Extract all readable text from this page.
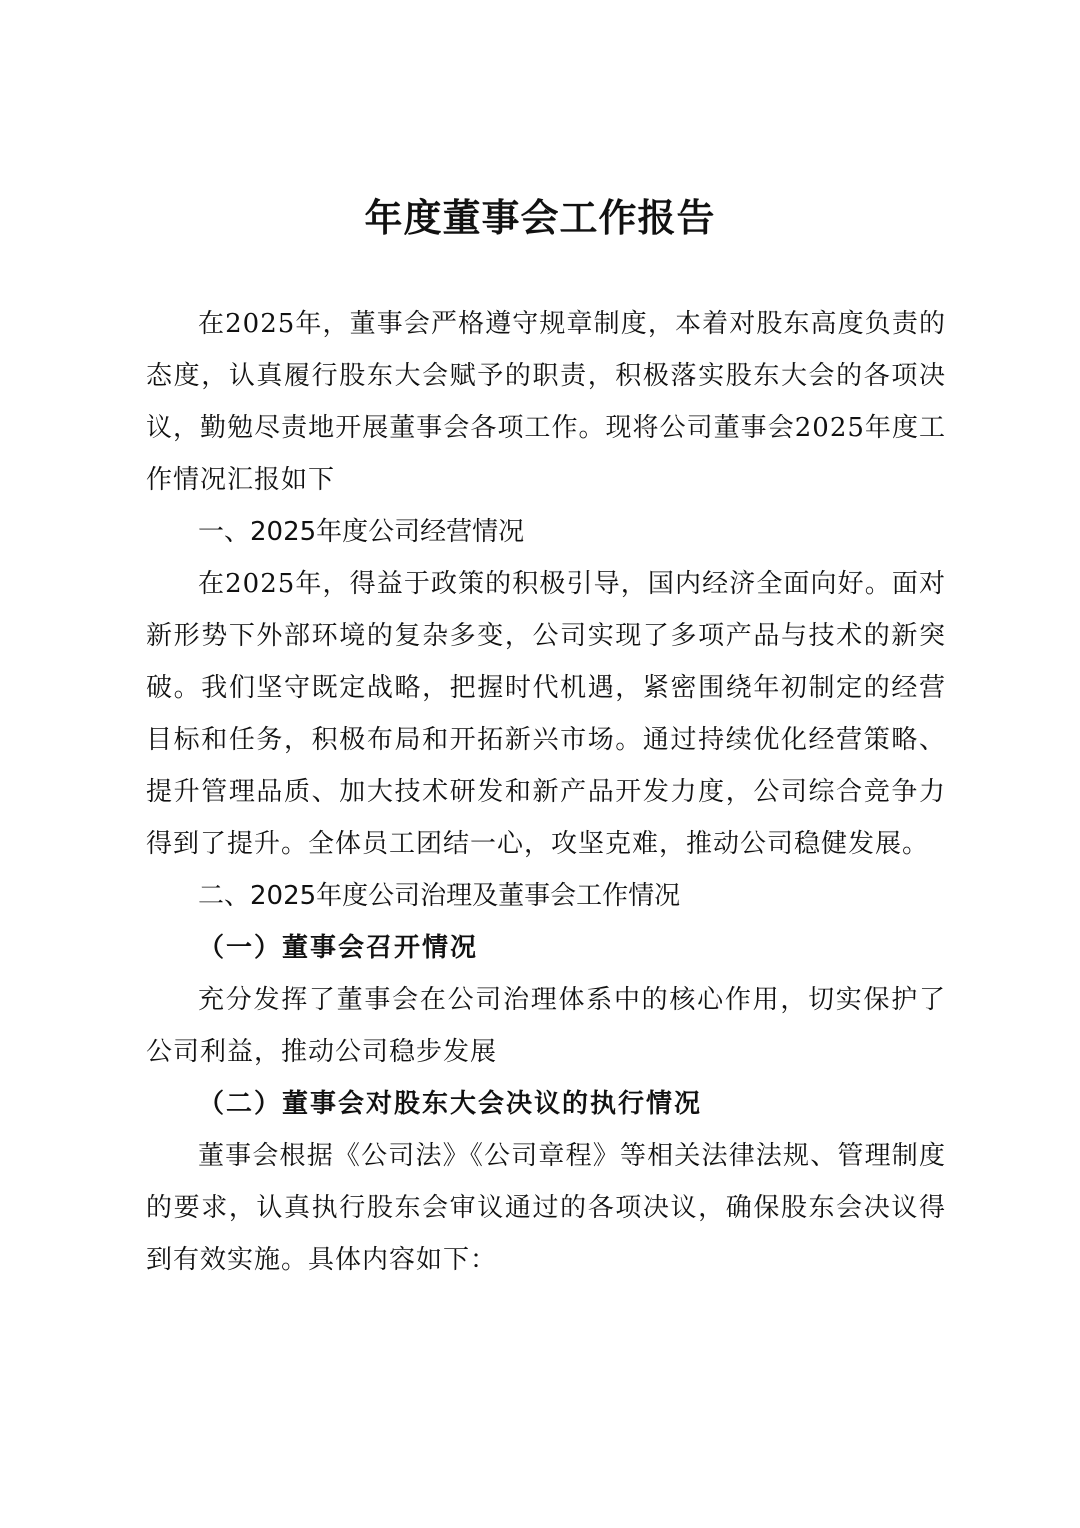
年度董事会工作报告

在2025年，董事会严格遵守规章制度，本着对股东高度负责的态度，认真履行股东大会赋予的职责，积极落实股东大会的各项决议，勤勉尽责地开展董事会各项工作。现将公司董事会2025年度工作情况汇报如下

一、2025年度公司经营情况

在2025年，得益于政策的积极引导，国内经济全面向好。面对新形势下外部环境的复杂多变，公司实现了多项产品与技术的新突破。我们坚守既定战略，把握时代机遇，紧密围绕年初制定的经营目标和任务，积极布局和开拓新兴市场。通过持续优化经营策略、提升管理品质、加大技术研发和新产品开发力度，公司综合竞争力得到了提升。全体员工团结一心，攻坚克难，推动公司稳健发展。

二、2025年度公司治理及董事会工作情况

（一）董事会召开情况

充分发挥了董事会在公司治理体系中的核心作用，切实保护了公司利益，推动公司稳步发展

（二）董事会对股东大会决议的执行情况

董事会根据《公司法》《公司章程》等相关法律法规、管理制度的要求，认真执行股东会审议通过的各项决议，确保股东会决议得到有效实施。具体内容如下：
